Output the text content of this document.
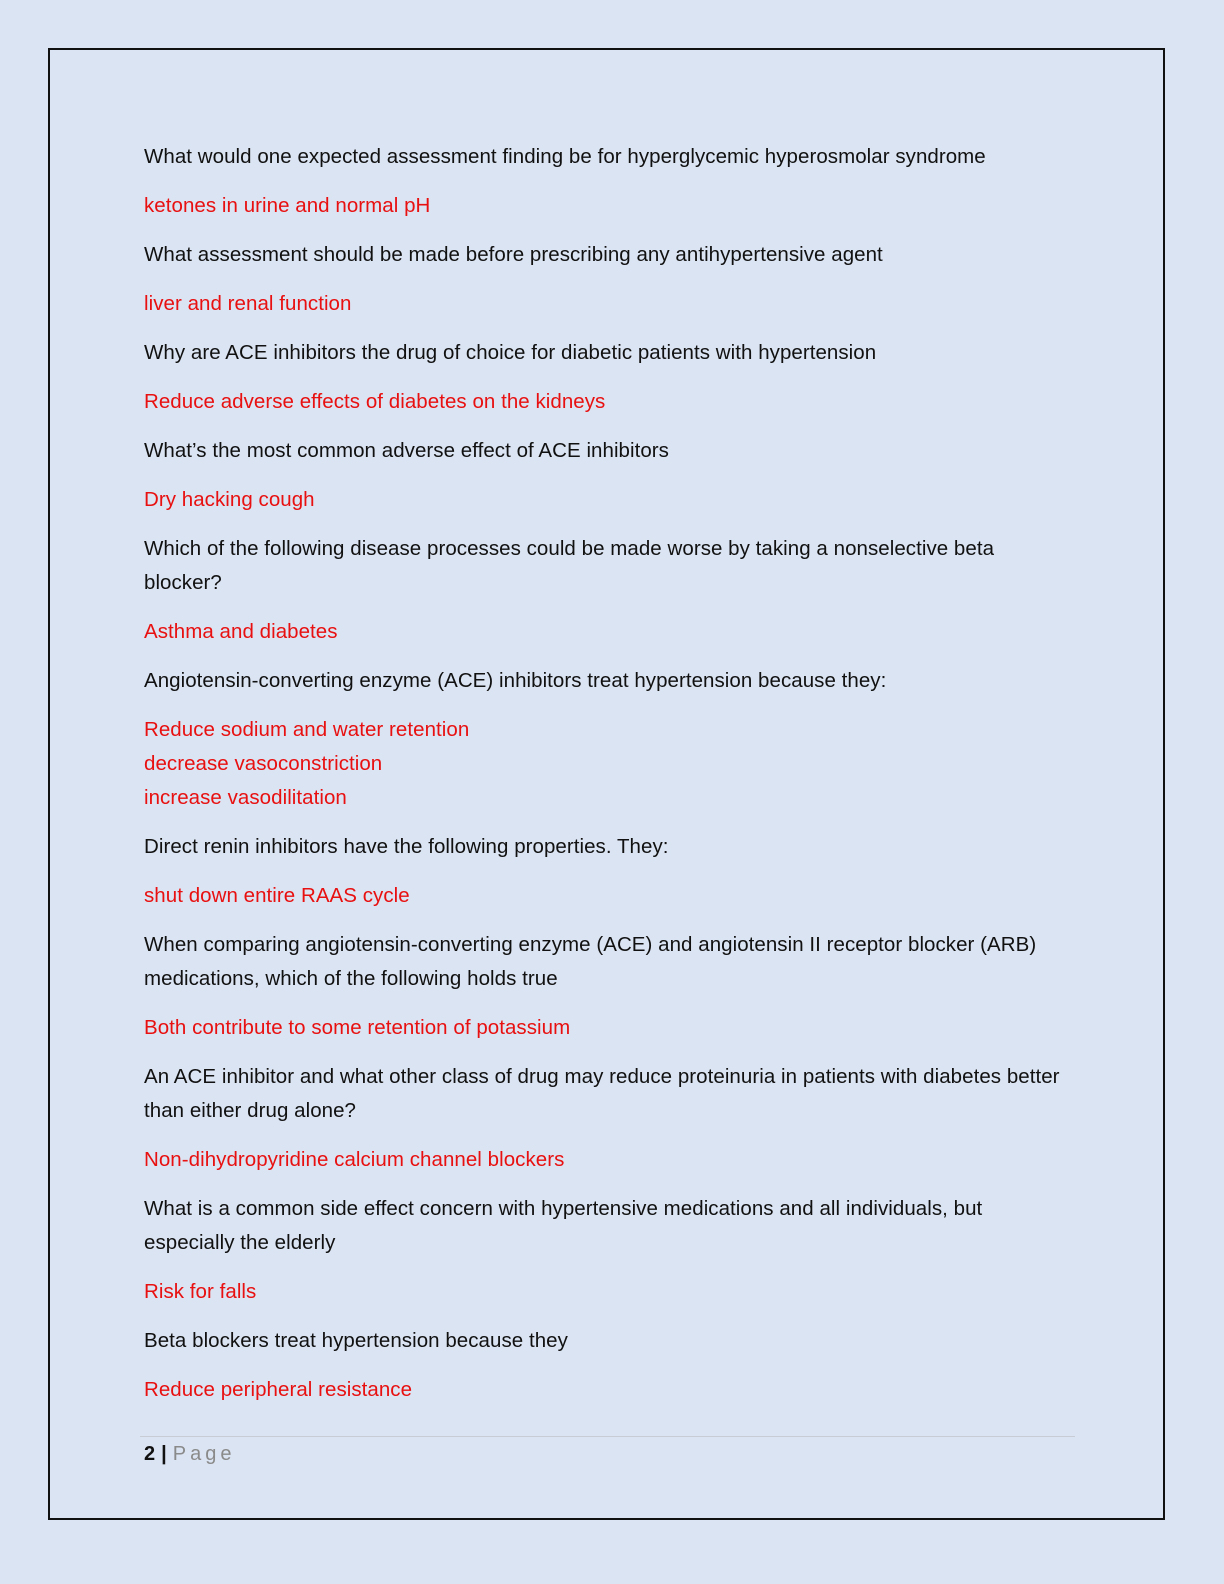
What would one expected assessment finding be for hyperglycemic hyperosmolar syndrome

ketones in urine and normal pH

What assessment should be made before prescribing any antihypertensive agent

liver and renal function

Why are ACE inhibitors the drug of choice for diabetic patients with hypertension

Reduce adverse effects of diabetes on the kidneys

What’s the most common adverse effect of ACE inhibitors

Dry hacking cough

Which of the following disease processes could be made worse by taking a nonselective beta blocker?

Asthma and diabetes

Angiotensin-converting enzyme (ACE) inhibitors treat hypertension because they:

Reduce sodium and water retention
decrease vasoconstriction
increase vasodilitation

Direct renin inhibitors have the following properties. They:

shut down entire RAAS cycle

When comparing angiotensin-converting enzyme (ACE) and angiotensin II receptor blocker (ARB) medications, which of the following holds true

Both contribute to some retention of potassium

An ACE inhibitor and what other class of drug may reduce proteinuria in patients with diabetes better than either drug alone?

Non-dihydropyridine calcium channel blockers

What is a common side effect concern with hypertensive medications and all individuals, but especially the elderly

Risk for falls

Beta blockers treat hypertension because they

Reduce peripheral resistance

2 | Page
